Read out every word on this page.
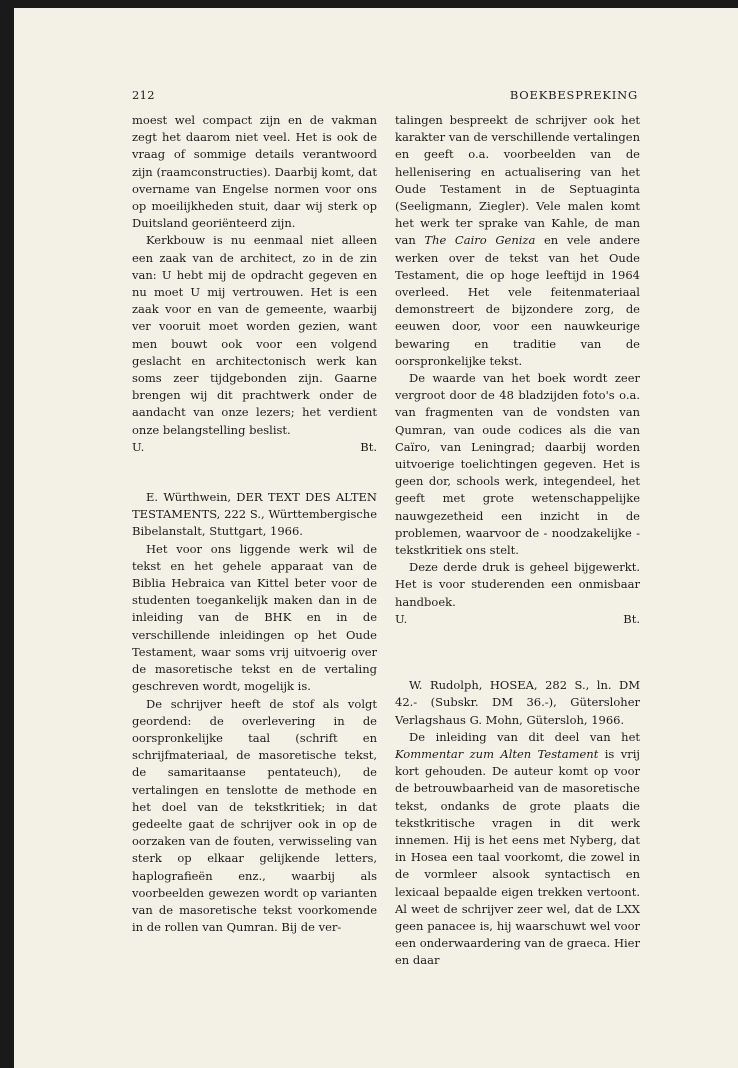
212	BOEKBESPREKING

moest wel compact zijn en de vakman zegt het daarom niet veel. Het is ook de vraag of sommige details verantwoord zijn (raamconstructies). Daarbij komt, dat overname van Engelse normen voor ons op moeilijkheden stuit, daar wij sterk op Duitsland georiënteerd zijn.

Kerkbouw is nu eenmaal niet alleen een zaak van de architect, zo in de zin van: U hebt mij de opdracht gegeven en nu moet U mij vertrouwen. Het is een zaak voor en van de gemeente, waarbij ver vooruit moet worden gezien, want men bouwt ook voor een volgend geslacht en architectonisch werk kan soms zeer tijdgebonden zijn. Gaarne brengen wij dit prachtwerk onder de aandacht van onze lezers; het verdient onze belangstelling beslist.

U.	Bt.

E. Würthwein, DER TEXT DES ALTEN TESTAMENTS, 222 S., Württembergische Bibelanstalt, Stuttgart, 1966.

Het voor ons liggende werk wil de tekst en het gehele apparaat van de Biblia Hebraica van Kittel beter voor de studenten toegankelijk maken dan in de inleiding van de BHK en in de verschillende inleidingen op het Oude Testament, waar soms vrij uitvoerig over de masoretische tekst en de vertaling geschreven wordt, mogelijk is.

De schrijver heeft de stof als volgt geordend: de overlevering in de oorspronkelijke taal (schrift en schrijfmateriaal, de masoretische tekst, de samaritaanse pentateuch), de vertalingen en tenslotte de methode en het doel van de tekstkritiek; in dat gedeelte gaat de schrijver ook in op de oorzaken van de fouten, verwisseling van sterk op elkaar gelijkende letters, haplografieën enz., waarbij als voorbeelden gewezen wordt op varianten van de masoretische tekst voorkomende in de rollen van Qumran. Bij de ver-

talingen bespreekt de schrijver ook het karakter van de verschillende vertalingen en geeft o.a. voorbeelden van de hellenisering en actualisering van het Oude Testament in de Septuaginta (Seeligmann, Ziegler). Vele malen komt het werk ter sprake van Kahle, de man van The Cairo Geniza en vele andere werken over de tekst van het Oude Testament, die op hoge leeftijd in 1964 overleed. Het vele feitenmateriaal demonstreert de bijzondere zorg, de eeuwen door, voor een nauwkeurige bewaring en traditie van de oorspronkelijke tekst.

De waarde van het boek wordt zeer vergroot door de 48 bladzijden foto's o.a. van fragmenten van de vondsten van Qumran, van oude codices als die van Caïro, van Leningrad; daarbij worden uitvoerige toelichtingen gegeven. Het is geen dor, schools werk, integendeel, het geeft met grote wetenschappelijke nauwgezetheid een inzicht in de problemen, waarvoor de - noodzakelijke - tekstkritiek ons stelt.

Deze derde druk is geheel bijgewerkt. Het is voor studerenden een onmisbaar handboek.

U.	Bt.

W. Rudolph, HOSEA, 282 S., ln. DM 42.- (Subskr. DM 36.-), Gütersloher Verlagshaus G. Mohn, Gütersloh, 1966.

De inleiding van dit deel van het Kommentar zum Alten Testament is vrij kort gehouden. De auteur komt op voor de betrouwbaarheid van de masoretische tekst, ondanks de grote plaats die tekstkritische vragen in dit werk innemen. Hij is het eens met Nyberg, dat in Hosea een taal voorkomt, die zowel in de vormleer alsook syntactisch en lexicaal bepaalde eigen trekken vertoont. Al weet de schrijver zeer wel, dat de LXX geen panacee is, hij waarschuwt wel voor een onderwaardering van de graeca. Hier en daar
